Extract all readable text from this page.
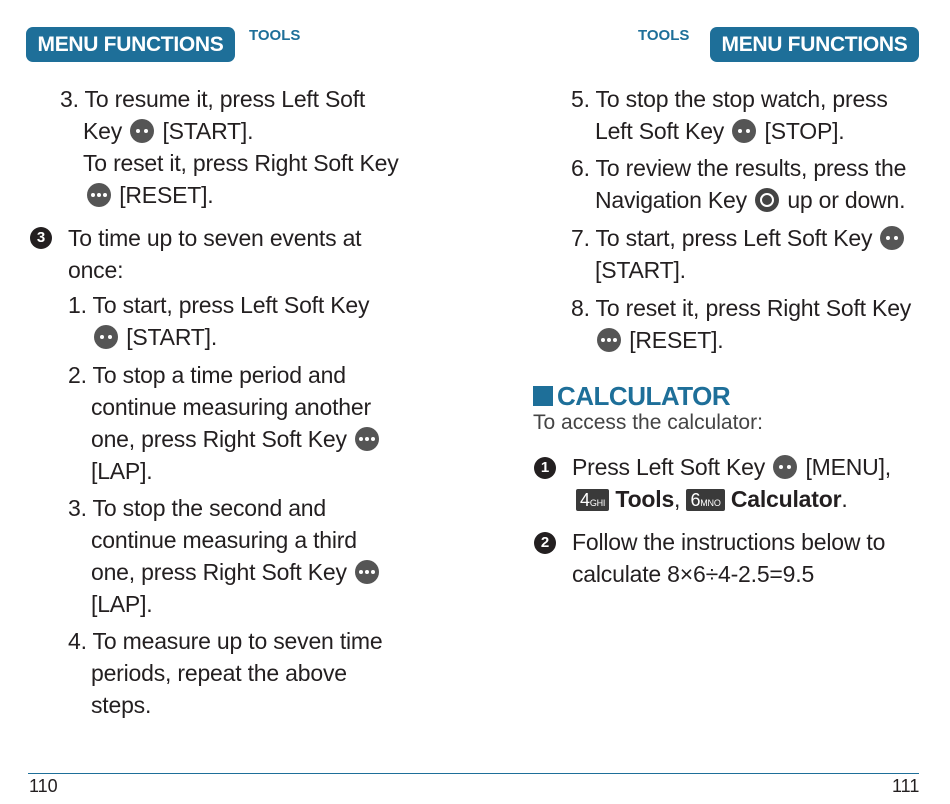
MENU FUNCTIONS	TOOLS	TOOLS	MENU FUNCTIONS
3. To resume it, press Left Soft
Key [START].
To reset it, press Right Soft Key
[RESET].
3 To time up to seven events at
once:
1. To start, press Left Soft Key
[START].
2. To stop a time period and
continue measuring another
one, press Right Soft Key
[LAP].
3. To stop the second and
continue measuring a third
one, press Right Soft Key
[LAP].
4. To measure up to seven time
periods, repeat the above
steps.
5. To stop the stop watch, press
Left Soft Key [STOP].
6. To review the results, press the
Navigation Key up or down.
7. To start, press Left Soft Key
[START].
8. To reset it, press Right Soft Key
[RESET].
CALCULATOR
To access the calculator:
1 Press Left Soft Key [MENU],
4GHI Tools, 6MNO Calculator.
2 Follow the instructions below to
calculate 8×6÷4-2.5=9.5
110	111
